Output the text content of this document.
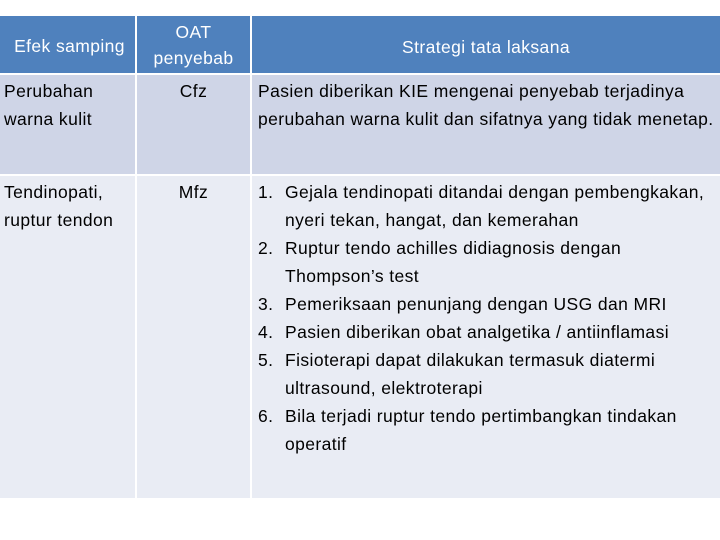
Efek samping
OAT penyebab
Strategi tata laksana
Perubahan warna kulit
Cfz	Pasien diberikan KIE mengenai penyebab terjadinya perubahan warna kulit dan sifatnya yang tidak menetap.
Tendinopati, ruptur tendon
Mfz	1. Gejala tendinopati ditandai dengan pembengkakan, nyeri tekan, hangat, dan kemerahan
2. Ruptur tendo achilles didiagnosis dengan Thompson’s test
3. Pemeriksaan penunjang dengan USG dan MRI
4. Pasien diberikan obat analgetika / antiinflamasi
5. Fisioterapi dapat dilakukan termasuk diatermi ultrasound, elektroterapi
6. Bila terjadi ruptur tendo pertimbangkan tindakan operatif
